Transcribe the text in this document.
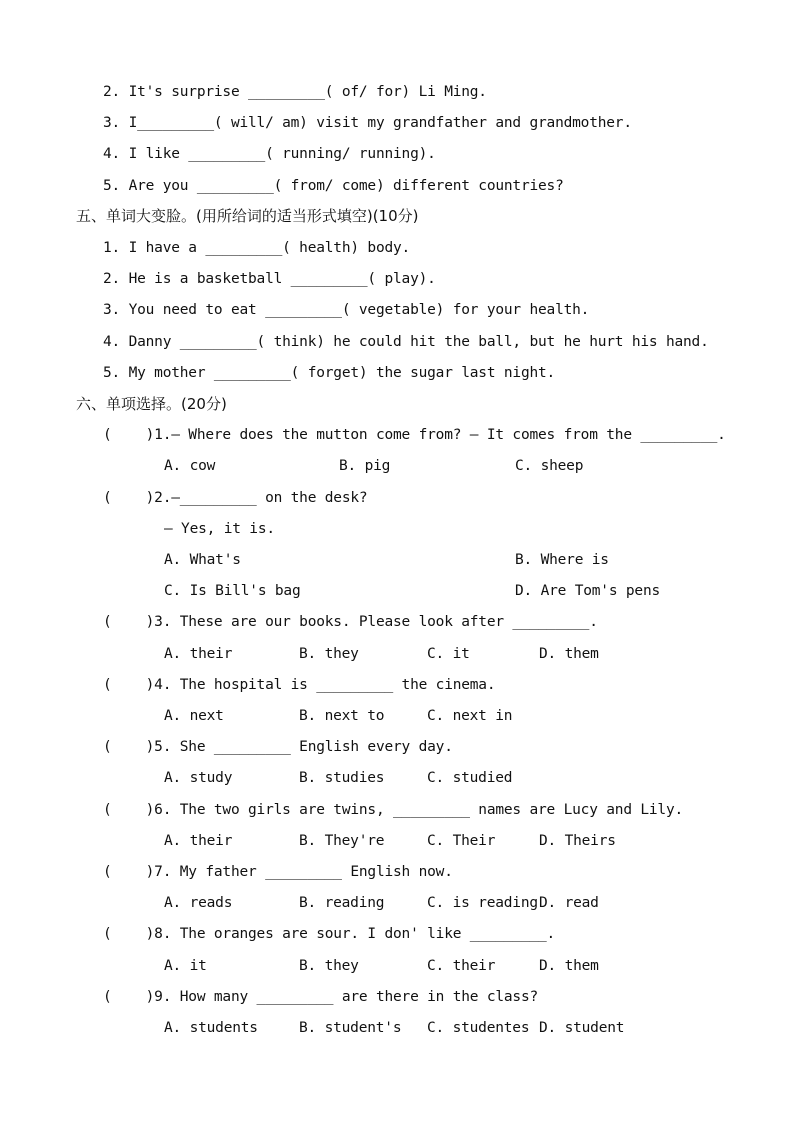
2. It's surprise _________( of/ for) Li Ming.
3. I_________( will/ am) visit my grandfather and grandmother.
4. I like _________( running/ running).
5. Are you _________( from/ come) different countries?
五、单词大变脸。(用所给词的适当形式填空)(10分)
1. I have a _________( health) body.
2. He is a basketball _________( play).
3. You need to eat _________( vegetable) for your health.
4. Danny _________( think) he could hit the ball, but he hurt his hand.
5. My mother _________( forget) the sugar last night.
六、单项选择。(20分)
(    )1.— Where does the mutton come from? — It comes from the _________.
A. cow	B. pig	C. sheep
(    )2.—_________ on the desk?
— Yes, it is.
A. What's	B. Where is
C. Is Bill's bag	D. Are Tom's pens
(    )3. These are our books. Please look after _________.
A. their	B. they	C. it	D. them
(    )4. The hospital is _________ the cinema.
A. next	B. next to	C. next in
(    )5. She _________ English every day.
A. study	B. studies	C. studied
(    )6. The two girls are twins, _________ names are Lucy and Lily.
A. their	B. They're	C. Their	D. Theirs
(    )7. My father _________ English now.
A. reads	B. reading	C. is reading D. read
(    )8. The oranges are sour. I don' like _________.
A. it	B. they	C. their	D. them
(    )9. How many _________ are there in the class?
A. students	B. student's C. studentes D. student
